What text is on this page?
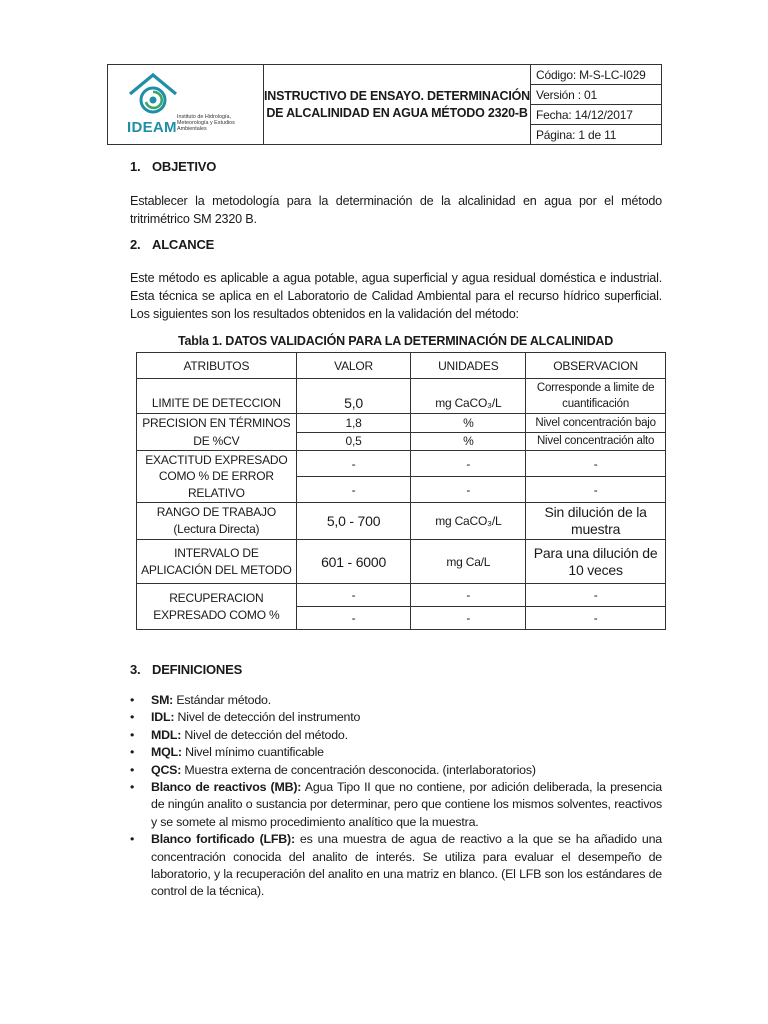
IDEAM
Instituto de Hidrología, Meteorología y Estudios Ambientales
	INSTRUCTIVO DE ENSAYO. DETERMINACIÓN DE ALCALINIDAD EN AGUA MÉTODO 2320-B	Código: M-S-LC-I029
Versión : 01
Fecha: 14/12/2017
Página: 1 de 11
1. OBJETIVO
Establecer la metodología para la determinación de la alcalinidad en agua por el método tritrimétrico SM 2320 B.
2. ALCANCE
Este método es aplicable a agua potable, agua superficial y agua residual doméstica e industrial. Esta técnica se aplica en el Laboratorio de Calidad Ambiental para el recurso hídrico superficial. Los siguientes son los resultados obtenidos en la validación del método:
Tabla 1. DATOS VALIDACIÓN PARA LA DETERMINACIÓN DE ALCALINIDAD
ATRIBUTOS	VALOR	UNIDADES	OBSERVACION
LIMITE DE DETECCION	5,0	mg CaCO₃/L	Corresponde a limite de cuantificación
PRECISION EN TÉRMINOS DE %CV	1,8	%	Nivel concentración bajo
	0,5	%	Nivel concentración alto
EXACTITUD EXPRESADO COMO % DE ERROR RELATIVO	-	-	-
	-	-	-
RANGO DE TRABAJO (Lectura Directa)	5,0 - 700	mg CaCO₃/L	Sin dilución de la muestra
INTERVALO DE APLICACIÓN DEL METODO	601 - 6000	mg Ca/L	Para una dilución de 10 veces
RECUPERACION EXPRESADO COMO %	-	-	-
	-	-	-
3. DEFINICIONES
• SM: Estándar método.
• IDL: Nivel de detección del instrumento
• MDL: Nivel de detección del método.
• MQL: Nivel mínimo cuantificable
• QCS: Muestra externa de concentración desconocida. (interlaboratorios)
• Blanco de reactivos (MB): Agua Tipo II que no contiene, por adición deliberada, la presencia de ningún analito o sustancia por determinar, pero que contiene los mismos solventes, reactivos y se somete al mismo procedimiento analítico que la muestra.
• Blanco fortificado (LFB): es una muestra de agua de reactivo a la que se ha añadido una concentración conocida del analito de interés. Se utiliza para evaluar el desempeño de laboratorio, y la recuperación del analito en una matriz en blanco. (El LFB son los estándares de control de la técnica).
